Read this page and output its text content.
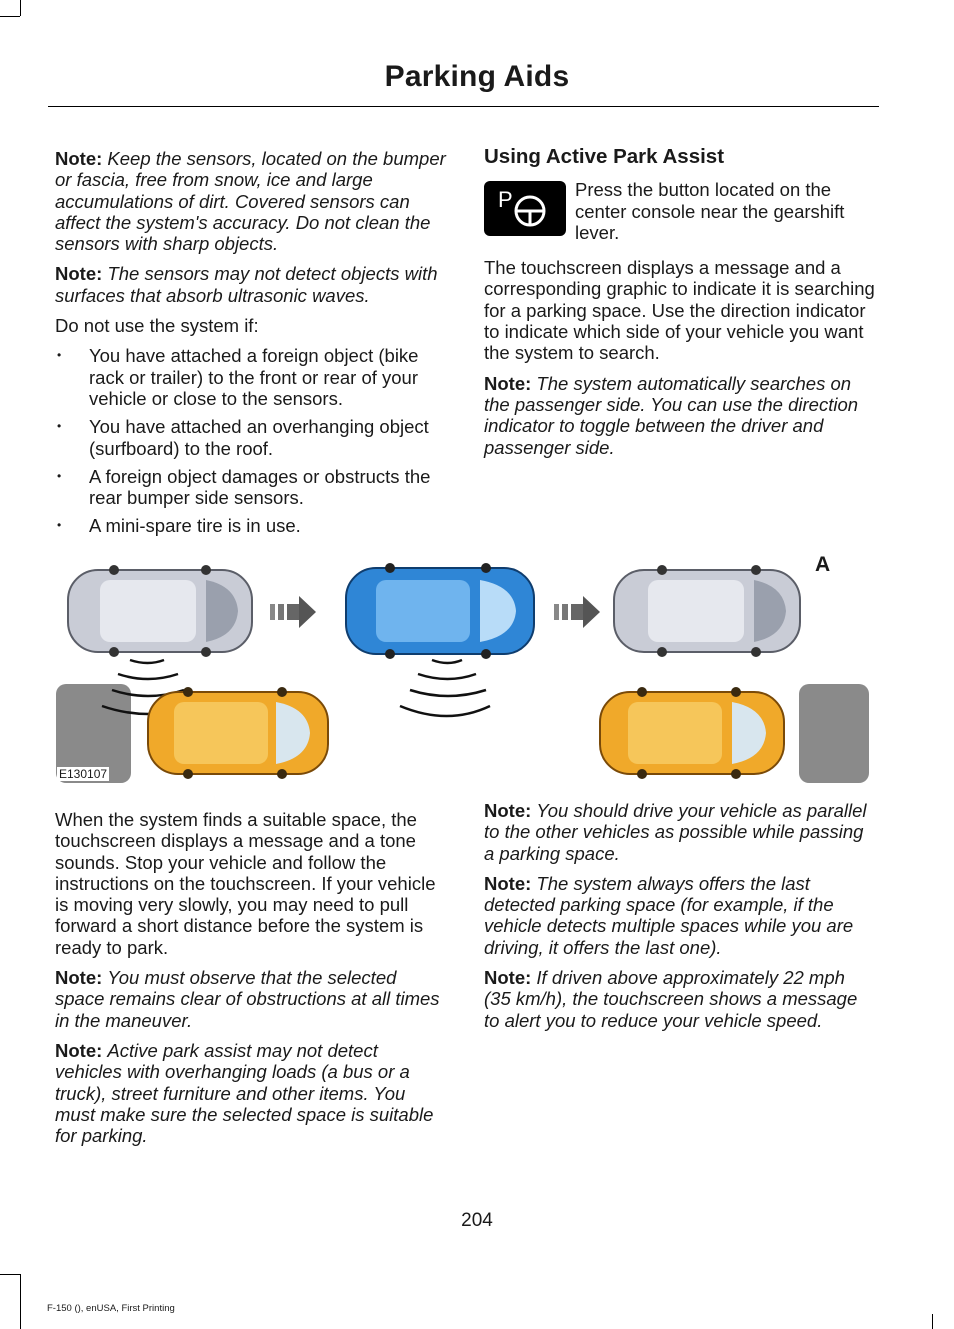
Parking Aids

Note: Keep the sensors, located on the bumper or fascia, free from snow, ice and large accumulations of dirt. Covered sensors can affect the system's accuracy. Do not clean the sensors with sharp objects.

Note: The sensors may not detect objects with surfaces that absorb ultrasonic waves.

Do not use the system if:

• You have attached a foreign object (bike rack or trailer) to the front or rear of your vehicle or close to the sensors.
• You have attached an overhanging object (surfboard) to the roof.
• A foreign object damages or obstructs the rear bumper side sensors.
• A mini-spare tire is in use.
Using Active Park Assist
P	Press the button located on the center console near the gearshift lever.

The touchscreen displays a message and a corresponding graphic to indicate it is searching for a parking space. Use the direction indicator to indicate which side of your vehicle you want the system to search.

Note: The system automatically searches on the passenger side. You can use the direction indicator to toggle between the driver and passenger side.

E130107
A

When the system finds a suitable space, the touchscreen displays a message and a tone sounds. Stop your vehicle and follow the instructions on the touchscreen. If your vehicle is moving very slowly, you may need to pull forward a short distance before the system is ready to park.

Note: You must observe that the selected space remains clear of obstructions at all times in the maneuver.

Note: Active park assist may not detect vehicles with overhanging loads (a bus or a truck), street furniture and other items. You must make sure the selected space is suitable for parking.

Note: You should drive your vehicle as parallel to the other vehicles as possible while passing a parking space.

Note: The system always offers the last detected parking space (for example, if the vehicle detects multiple spaces while you are driving, it offers the last one).

Note: If driven above approximately 22 mph (35 km/h), the touchscreen shows a message to alert you to reduce your vehicle speed.

204
F-150 (), enUSA, First Printing
